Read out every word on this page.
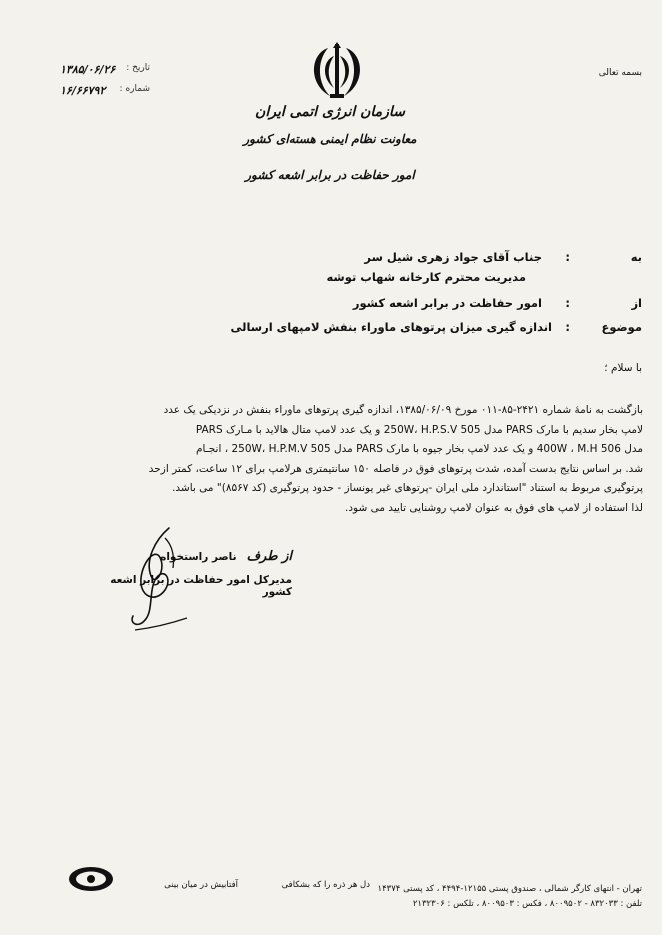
بسمه تعالی
تاریخ :
۱۳۸۵/۰۶/۲۶
شماره :
۱۶/۶۶۷۹۲
سازمان انرژی اتمی ایران
معاونت نظام ایمنی هسته‌ای کشور
امور حفاظت در برابر اشعه کشور
جناب آقای جواد زهری شیل سر
مدیریت محترم کارخانه شهاب توشه
امور حفاظت در برابر اشعه کشور
اندازه گیری میزان پرتوهای ماوراء بنفش لامپهای ارسالی
:
:
به
از
موضوع
:
با سلام ؛
بازگشت به نامهٔ شماره ۲۴۲۱-۸۵-۰۱۱ مورخ ۱۳۸۵/۰۶/۰۹، اندازه گیری پرتوهای ماوراء بنفش در نزدیکی یک عدد
لامپ بخار سدیم با مارک PARS مدل 250W، H.P.S.V 505 و یک عدد لامپ متال هالاید با مـارک PARS
مدل 400W ، M.H 506 و یک عدد لامپ بخار جیوه با مارک PARS مدل 250W، H.P.M.V 505 ، انجـام
شد. بر اساس نتایج بدست آمده، شدت پرتوهای فوق در فاصله ۱۵۰ سانتیمتری هرلامپ برای ۱۲ ساعت، کمتر ازحد
پرتوگیری مربوط به استناد "استاندارد ملی ایران -پرتوهای غیر یونساز - حدود پرتوگیری (کد ۸۵۶۷)" می باشد.
لذا استفاده از لامپ های فوق به عنوان لامپ روشنایی تایید می شود.
از طرف   ناصر راستخواه
مدیرکل امور حفاظت در برابر اشعه کشور
آفتابیش در میان بینی	دل هر ذره را که بشکافی تهران - انتهای کارگر شمالی ، صندوق پستی ۱۲۱۵۵-۴۴۹۴ ، کد پستی ۱۴۳۷۴
تلفن : ۸۳۲۰۳۳ - ۸۰۰۹۵۰۲ ، فکس : ۸۰۰۹۵۰۳ ، تلکس : ۲۱۳۲۳۰۶
